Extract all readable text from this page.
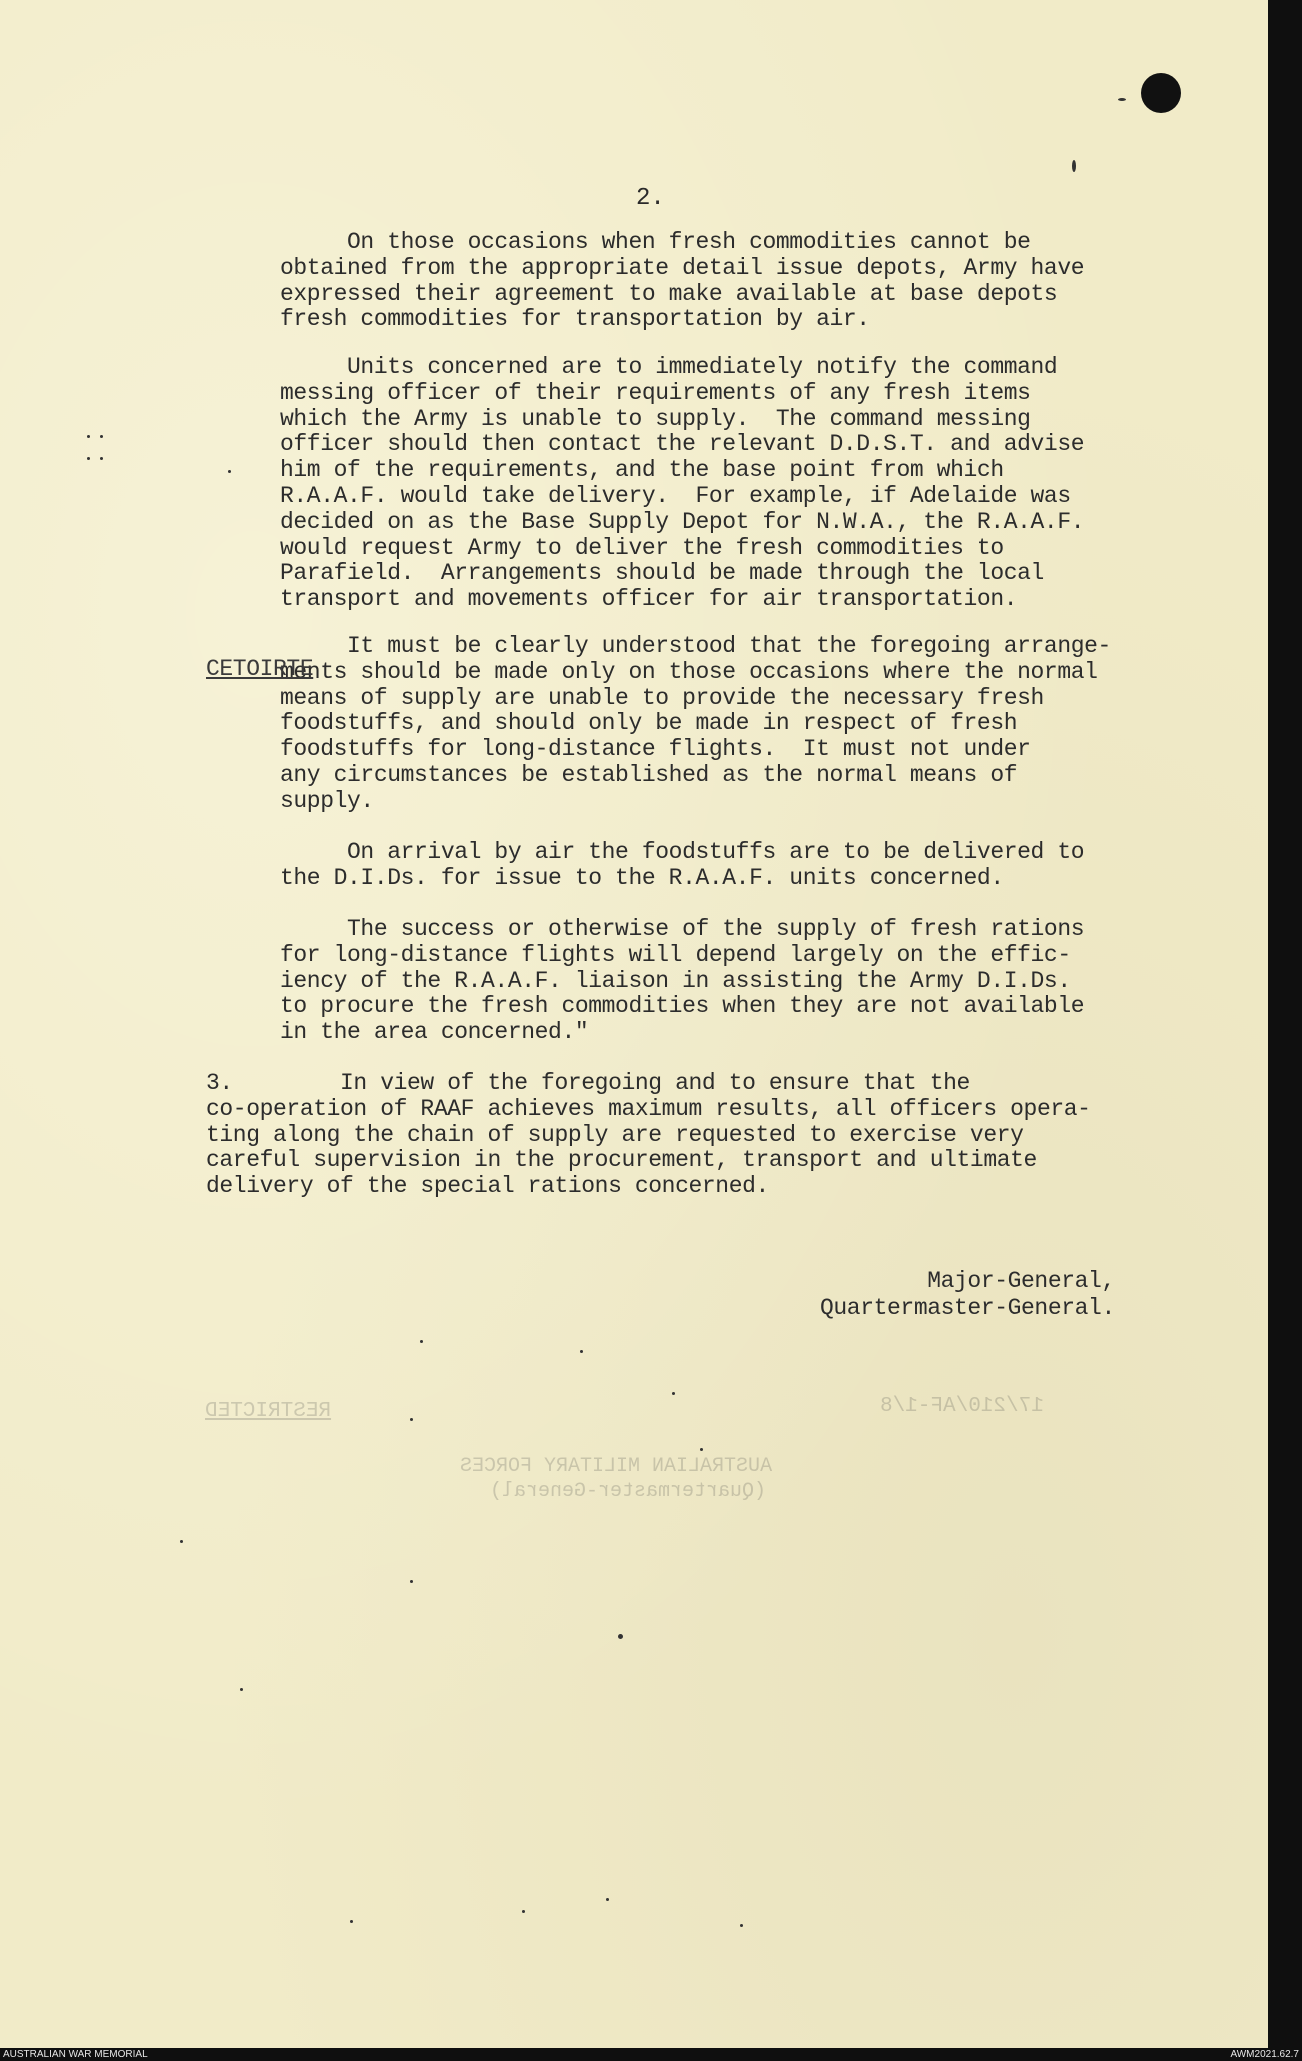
2.
On those occasions when fresh commodities cannot be
obtained from the appropriate detail issue depots, Army have
expressed their agreement to make available at base depots
fresh commodities for transportation by air.
Units concerned are to immediately notify the command
messing officer of their requirements of any fresh items
which the Army is unable to supply.  The command messing
officer should then contact the relevant D.D.S.T. and advise
him of the requirements, and the base point from which
R.A.A.F. would take delivery.  For example, if Adelaide was
decided on as the Base Supply Depot for N.W.A., the R.A.A.F.
would request Army to deliver the fresh commodities to
Parafield.  Arrangements should be made through the local
transport and movements officer for air transportation.
It must be clearly understood that the foregoing arrange-
ments should be made only on those occasions where the normal
means of supply are unable to provide the necessary fresh
foodstuffs, and should only be made in respect of fresh
foodstuffs for long-distance flights.  It must not under
any circumstances be established as the normal means of
supply.
CETOIRTE
On arrival by air the foodstuffs are to be delivered to
the D.I.Ds. for issue to the R.A.A.F. units concerned.
The success or otherwise of the supply of fresh rations
for long-distance flights will depend largely on the effic-
iency of the R.A.A.F. liaison in assisting the Army D.I.Ds.
to procure the fresh commodities when they are not available
in the area concerned."
3.        In view of the foregoing and to ensure that the
co-operation of RAAF achieves maximum results, all officers opera-
ting along the chain of supply are requested to exercise very
careful supervision in the procurement, transport and ultimate
delivery of the special rations concerned.
Major-General,
Quartermaster-General.
RESTRICTED	17/210/AF-1/8
AUSTRALIAN MILITARY FORCES
(Quartermaster-General)
AUSTRALIAN WAR MEMORIAL	AWM2021.62.7
